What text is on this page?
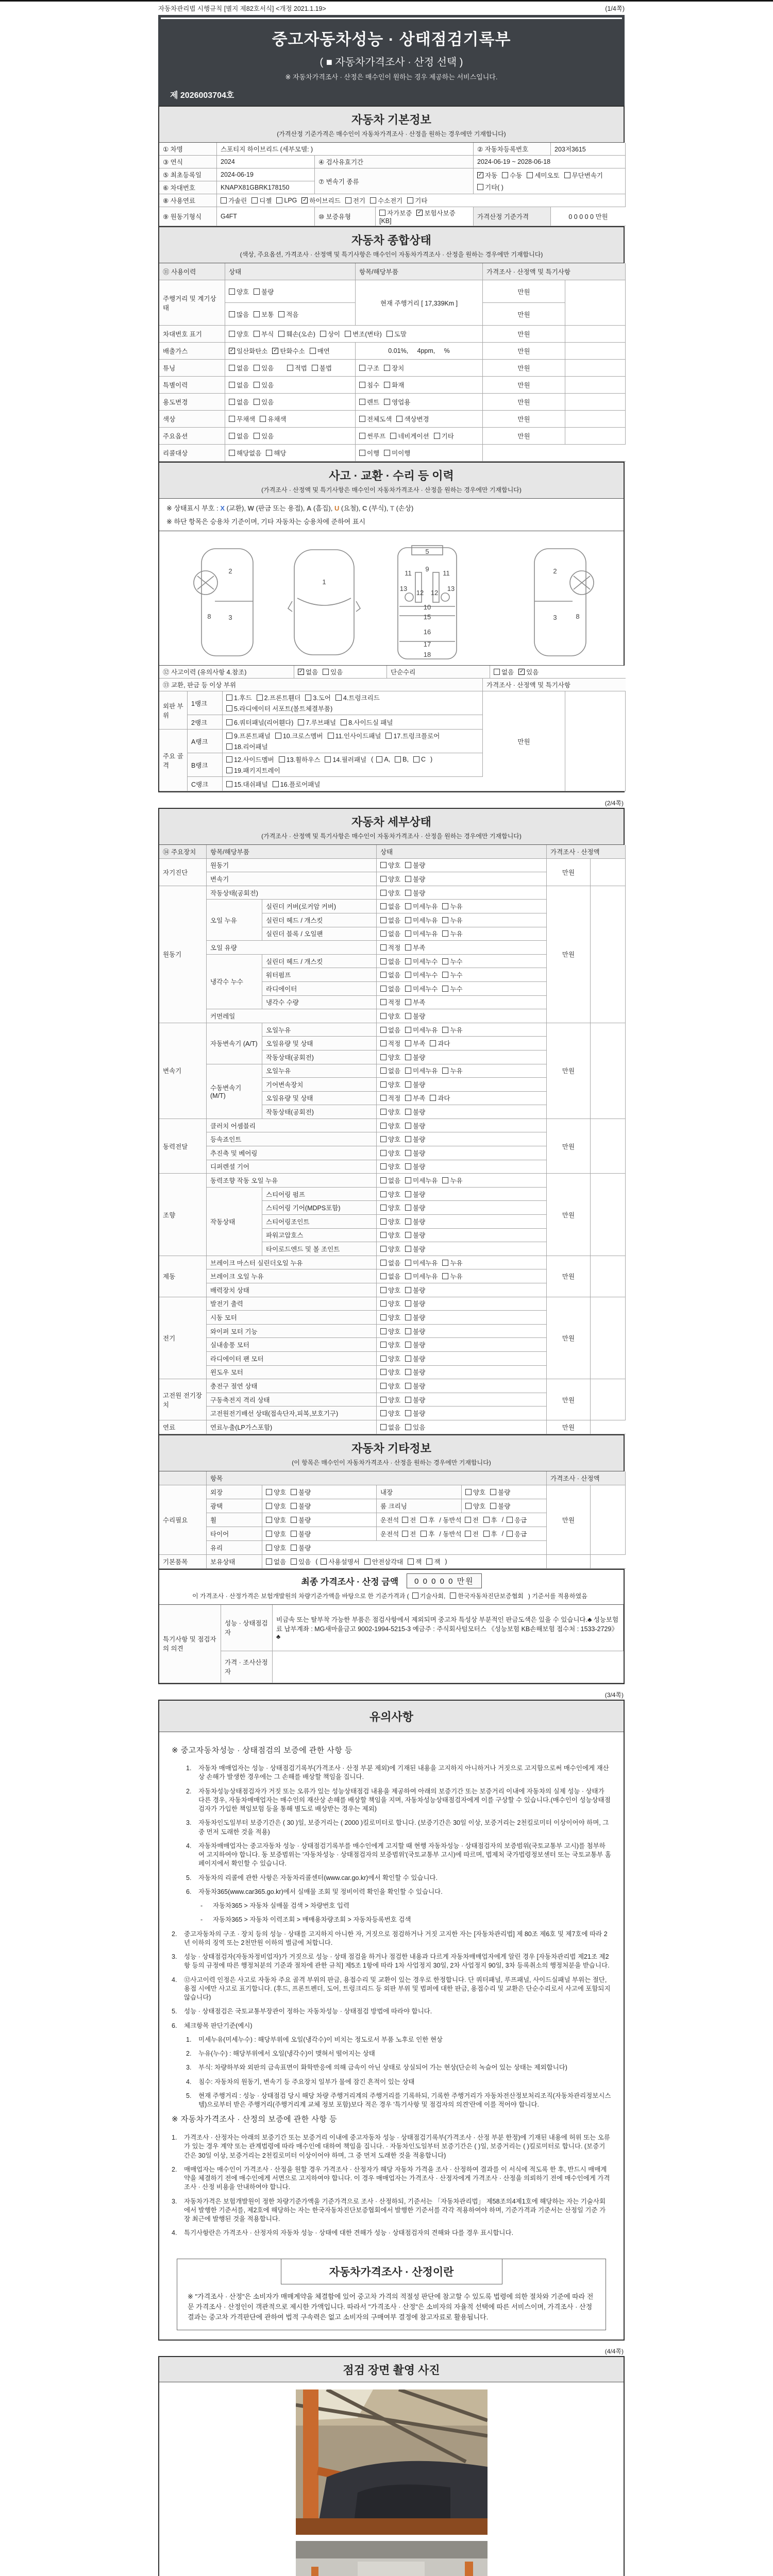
자동차관리법 시행규칙 [별지 제82호서식] <개정 2021.1.19>	(1/4쪽)
중고자동차성능 · 상태점검기록부
( ■ 자동차가격조사 · 산정 선택 )
※ 자동차가격조사 · 산정은 매수인이 원하는 경우 제공하는 서비스입니다.
제 2026003704호
자동차 기본정보

(가격산정 기준가격은 매수인이 자동차가격조사 · 산정을 원하는 경우에만 기재합니다)

① 차명	스포티지 하이브리드 (세부모델: )	② 자동차등록번호	203저3615
③ 연식	2024	④ 검사유효기간	2024-06-19 ~ 2028-06-18
⑤ 최초등록일	2024-06-19
⑦ 변속기 종류
✓ 자동 수동 세미오토 무단변속기
기타( )
⑥ 차대번호	KNAPX81GBRK178150
⑧ 사용연료	가솔린 디젤 LPG ✓ 하이브리드 전기 수소전기 기타
⑨ 원동기형식	G4FT	⑩ 보증유형	자가보증 ✓ 보험사보증
[KB]
가격산정 기준가격	0 0 0 0 0 만원
자동차 종합상태

(색상, 주요옵션, 가격조사 · 산정액 및 특기사항은 매수인이 자동차가격조사 · 산정을 원하는 경우에만 기재합니다)

⑪ 사용이력	상태	항목/해당부품	가격조사 · 산정액 및 특기사항
주행거리 및 계기상태
양호 불량
현재 주행거리 [ 17,339Km ]
만원
많음 보통 적음	만원
차대번호 표기	양호 부식 훼손(오손) 상이 변조(변타) 도말	만원
배출가스	✓ 일산화탄소 ✓ 탄화수소 매연	0.01%,     4ppm,     %	만원
튜닝	없음 있음
	적법 불법	구조 장치	만원
특별이력	없음 있음	침수 화재	만원
용도변경	없음 있음	렌트 영업용	만원
색상	무채색 유채색	전체도색 색상변경	만원
주요옵션	없음 있음	썬루프 네비게이션 기타	만원
리콜대상	해당없음 해당	이행 미이행
사고 · 교환 · 수리 등 이력

(가격조사 · 산정액 및 특기사항은 매수인이 자동차가격조사 · 산정을 원하는 경우에만 기재합니다)

※ 상태표시 부호 : X (교환), W (판금 또는 용접), A (흠집), U (요철), C (부식), T (손상)
※ 하단 항목은 승용차 기준이며, 기타 자동차는 승용차에 준하여 표시
2
3
8
1
5
11	11
9
13	13
12 12
10
15
16
17
18
2
3	8
⑫ 사고이력 (유의사항 4.참조)	✓ 없음 있음	단순수리	없음 ✓ 있음
⑬ 교환, 판금 등 이상 부위	가격조사 · 산정액 및 특기사항
외판 부위
1랭크
1.후드 2.프론트휀더 3.도어 4.트렁크리드
5.라디에이터 서포트(볼트체결부품)
만원
2랭크	6.쿼터패널(리어휀다) 7.루브패널 8.사이드실 패널
주요 골격
A랭크
9.프론트패널 10.크로스멤버 11.인사이드패널 17.트렁크플로어
18.리어패널
B랭크
12.사이드멤버 13.휠하우스 14.필러패널 ( A, B, C )
19.패키지트레이
C랭크	15.대쉬패널 16.플로어패널
(2/4쪽)
자동차 세부상태

(가격조사 · 산정액 및 특기사항은 매수인이 자동차가격조사 · 산정을 원하는 경우에만 기재합니다)

⑭ 주요장치	항목/해당부품	상태	가격조사 · 산정액
자기진단
원동기	양호 불량
만원
변속기	양호 불량
원동기
작동상태(공회전)	양호 불량
만원
오일 누유
실린더 커버(로커암 커버)	없음 미세누유 누유
실린더 헤드 / 개스킷	없음 미세누유 누유
실린더 블록 / 오일팬	없음 미세누유 누유
오일 유량	적정 부족
냉각수 누수
실린더 헤드 / 개스킷	없음 미세누수 누수
워터펌프	없음 미세누수 누수
라디에이터	없음 미세누수 누수
냉각수 수량	적정 부족
커먼레일	양호 불량
변속기
자동변속기 (A/T)
오일누유	없음 미세누유 누유
만원
오일유량 및 상태	적정 부족 과다
작동상태(공회전)	양호 불량
수동변속기 (M/T)
오일누유	없음 미세누유 누유
기어변속장치	양호 불량
오일유량 및 상태	적정 부족 과다
작동상태(공회전)	양호 불량
동력전달
클러치 어셈블리	양호 불량
만원
등속죠인트	양호 불량
추진축 및 베어링	양호 불량
디퍼렌셜 기어	양호 불량
조향
동력조향 작동 오일 누유	없음 미세누유 누유
만원
작동상태
스티어링 펌프	양호 불량
스티어링 기어(MDPS포함)	양호 불량
스티어링조인트	양호 불량
파워고압호스	양호 불량
타이로드엔드 및 볼 조인트	양호 불량
제동
브레이크 마스터 실린더오일 누유	없음 미세누유 누유
만원
브레이크 오일 누유	없음 미세누유 누유
배력장치 상태	양호 불량
전기
발전기 출력	양호 불량
만원
시동 모터	양호 불량
와이퍼 모터 기능	양호 불량
실내송풍 모터	양호 불량
라디에이터 팬 모터	양호 불량
윈도우 모터	양호 불량
고전원 전기장치
충전구 절연 상태	양호 불량
만원
구동축전지 격리 상태	양호 불량
고전원전기배선 상태(접속단자,피복,보호기구)	양호 불량
연료	연료누출(LP가스포함)	없음 있음	만원
자동차 기타정보

(이 항목은 매수인이 자동차가격조사 · 산정을 원하는 경우에만 기재합니다)

항목	가격조사 · 산정액
수리필요
외장	양호 불량	내장	양호 불량
만원
광택	양호 불량	룸 크리닝	양호 불량
휠	양호 불량	운전석 전 후 / 동반석 전 후 / 응급
타이어	양호 불량	운전석 전 후 / 동반석 전 후 / 응급
유리	양호 불량
기본품목	보유상태	없음 있음 ( 사용설명서 안전삼각대 잭 잭 )
최종 가격조사 · 산정 금액	0 0 0 0 0 만원
이 가격조사 · 산정가격은 보험개발원의 차량기준가액을 바탕으로 한 기준가격과 ( 기술사회, 한국자동차진단보증협회 ) 기준서를 적용하였음
특기사항 및 점검자의 의견
성능 · 상태점검자
비금속 또는 탈부착 가능한 부품은 점검사항에서 제외되며 중고차 특성상 부분적인 판금도색은 있을 수 있습니다.♣ 성능보험료 납부계좌 : MG새마을금고 9002-1994-5215-3 예금주 : 주식회사텀모터스 《성능보험 KB손해보험 접수처 : 1533-2729》 ♣
가격 · 조사산정자
(3/4쪽)
유의사항
※ 중고자동차성능 · 상태점검의 보증에 관한 사항 등
1.	자동차 매매업자는 성능 · 상태점검기록부(가격조사 · 산정 부분 제외)에 기재된 내용을 고지하지 아니하거나 거짓으로 고지함으로써 매수인에게 재산상 손해가 발생한 경우에는 그 손해를 배상할 책임을 집니다.
2.	자동차성능상태점검자가 거짓 또는 오류가 있는 성능상태점검 내용을 제공하여 아래의 보증기간 또는 보증거리 이내에 자동차의 실제 성능 · 상태가 다른 경우, 자동차매매업자는 매수인의 재산상 손해를 배상할 책임을 지며, 자동차성능상태점검자에게 이를 구상할 수 있습니다.(매수인이 성능상태점검자가 가입한 책임보험 등을 통해 별도로 배상받는 경우는 제외)
3.	자동차인도일부터 보증기간은 ( 30 )일, 보증거리는 ( 2000 )킬로미터로 합니다. (보증기간은 30일 이상, 보증거리는 2천킬로미터 이상이어야 하며, 그 중 먼저 도래한 것을 적용)
4.	자동차매매업자는 중고자동차 성능 · 상태점검기록부를 매수인에게 고지할 때 현행 자동차성능 · 상태점검자의 보증범위(국토교통부 고시)를 첨부하여 고지하여야 합니다. 동 보증범위는 '자동차성능 · 상태점검자의 보증범위'(국토교통부 고시)에 따르며, 법제처 국가법령정보센터 또는 국토교통부 홈페이지에서 확인할 수 있습니다.
5.	자동차의 리콜에 관한 사항은 자동차리콜센터(www.car.go.kr)에서 확인할 수 있습니다.
6.	자동차365(www.car365.go.kr)에서 실매물 조회 및 정비이력 확인을 확인할 수 있습니다.
-	자동차365 > 자동차 실매물 검색 > 차량번호 입력
-	자동차365 > 자동차 이력조회 > 매매용차량조회 > 자동차등록번호 검색
2.	중고자동차의 구조 · 장치 등의 성능 · 상태를 고지하지 아니한 자, 거짓으로 점검하거나 거짓 고지한 자는 [자동차관리법] 제 80조 제6호 및 제7호에 따라 2년 이하의 징역 또는 2천만원 이하의 벌금에 처합니다.
3.	성능 · 상태점검자(자동차정비업자)가 거짓으로 성능 · 상태 점검을 하거나 점검한 내용과 다르게 자동차매매업자에게 알린 경우 [자동차관리법 제21조 제2항 등의 규정에 따른 행정처분의 기준과 절차에 관한 규칙] 제5조 1항에 따라 1차 사업정지 30일, 2차 사업정지 90일, 3차 등록취소의 행정처분을 받습니다.
4.	⑫사고이력 인정은 사고로 자동차 주요 골격 부위의 판금, 용접수리 및 교환이 있는 경우로 한정합니다. 단 쿼터패널, 루프패널, 사이드실패널 부위는 절단, 용접 시에만 사고로 표기합니다. (후드, 프론트펜더, 도어, 트렁크리드 등 외판 부위 및 범퍼에 대한 판금, 용접수리 및 교환은 단순수리로서 사고에 포함되지 않습니다)
5.	성능 · 상태점검은 국토교통부장관이 정하는 자동차성능 · 상태점검 방법에 따라야 합니다.
6.	체크항목 판단기준(예시)
1.	미세누유(미세누수) : 해당부위에 오일(냉각수)이 비치는 정도로서 부품 노후로 인한 현상
2.	누유(누수) : 해당부위에서 오일(냉각수)이 맺혀서 떨어지는 상태
3.	부식: 차량하부와 외판의 금속표면이 화학반응에 의해 금속이 아닌 상태로 상실되어 가는 현상(단순히 녹슬어 있는 상태는 제외합니다)
4.	침수: 자동차의 원동기, 변속기 등 주요장치 일부가 물에 잠긴 흔적이 있는 상태
5.	현재 주행거리 : 성능 · 상태점검 당시 해당 차량 주행거리계의 주행거리를 기록하되, 기록한 주행거리가 자동차전산정보처리조직(자동차관리정보시스템)으로부터 받은 주행거리(주행거리계 교체 정보 포함)보다 적은 경우 '특기사항 및 점검자의 의견'란에 이를 적어야 합니다.
※ 자동차가격조사 · 산정의 보증에 관한 사항 등
1.	가격조사 · 산정자는 아래의 보증기간 또는 보증거리 이내에 중고자동차 성능 · 상태점검기록부(가격조사 · 산정 부분 한정)에 기재된 내용에 허위 또는 오류가 있는 경우 계약 또는 관계법령에 따라 매수인에 대하여 책임을 집니다. · 자동차인도일부터 보증기간은 ( )일, 보증거리는 ( )킬로미터로 합니다. (보증기간은 30일 이상, 보증거리는 2천킬로미터 이상이어야 하며, 그 중 먼저 도래한 것을 적용합니다)
2.	매매업자는 매수인이 가격조사 · 산정을 원할 경우 가격조사 · 산정자가 해당 자동차 가격을 조사 · 산정하여 결과를 이 서식에 적도록 한 후, 반드시 매매계약을 체결하기 전에 매수인에게 서면으로 고지하여야 합니다. 이 경우 매매업자는 가격조사 · 산정자에게 가격조사 · 산정을 의뢰하기 전에 매수인에게 가격조사 · 산정 비용을 안내하여야 합니다.
3.	자동차가격은 보험개발원이 정한 차량기준가액을 기준가격으로 조사 · 산정하되, 기준서는 「자동차관리법」 제58조의4제1호에 해당하는 자는 기술사회에서 발행한 기준서를, 제2호에 해당하는 자는 한국자동차진단보증협회에서 발행한 기준서를 각각 적용하여야 하며, 기준가격과 기준서는 산정일 기준 가장 최근에 발행된 것을 적용합니다.
4.	특기사항란은 가격조사 · 산정자의 자동차 성능 · 상태에 대한 견해가 성능 · 상태점검자의 견해와 다를 경우 표시합니다.
자동차가격조사 · 산정이란
※ "가격조사 · 산정"은 소비자가 매매계약을 체결함에 있어 중고차 가격의 적절성 판단에 참고할 수 있도록 법령에 의한 절차와 기준에 따라 전문 가격조사 · 산정인이 객관적으로 제시한 가액입니다. 따라서 "가격조사 · 산정"은 소비자의 자율적 선택에 따른 서비스이며, 가격조사 · 산정 결과는 중고차 가격판단에 관하여 법적 구속력은 없고 소비자의 구매여부 결정에 참고자료로 활용됩니다.
(4/4쪽)
점검 장면 촬영 사진
